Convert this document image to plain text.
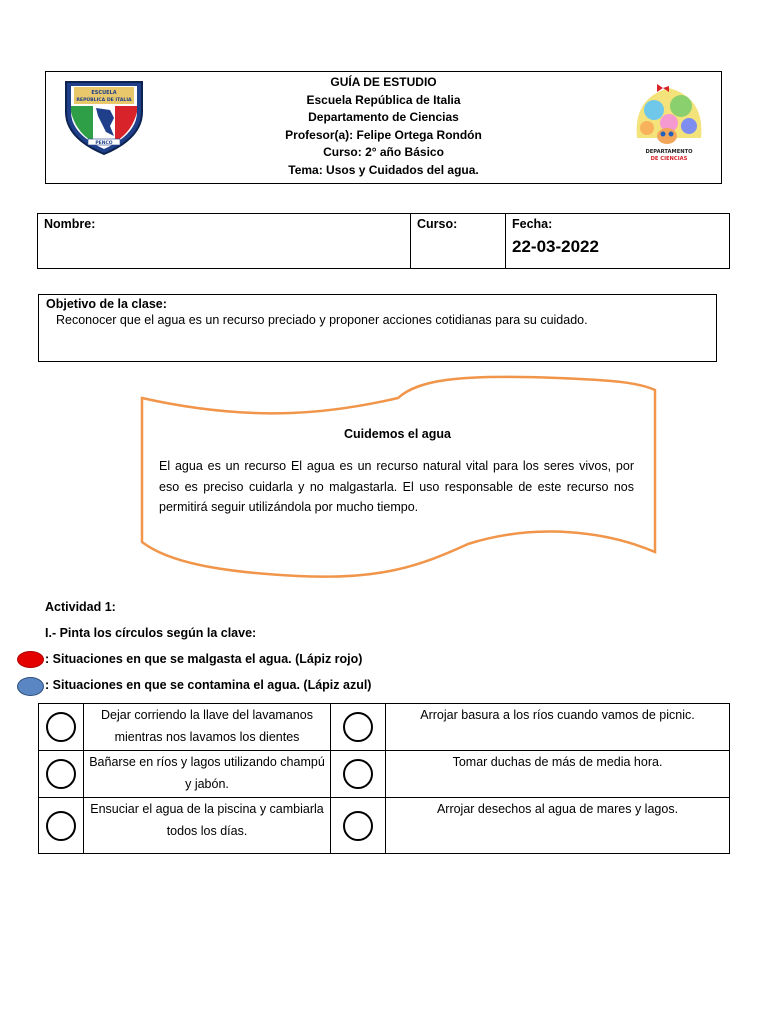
GUÍA DE ESTUDIO
Escuela República de Italia
Departamento de Ciencias
Profesor(a): Felipe Ortega Rondón
Curso: 2° año Básico
Tema: Usos y Cuidados del agua.
ESCUELA
REPÚBLICA DE ITALIA
PENCO
DEPARTAMENTO
DE CIENCIAS
Nombre:	Curso:	Fecha:
22-03-2022
Objetivo de la clase:
Reconocer que el agua es un recurso preciado y proponer acciones cotidianas para su cuidado.
Cuidemos el agua
El agua es un recurso El agua es un recurso natural vital para los seres vivos, por eso es preciso cuidarla y no malgastarla. El uso responsable de este recurso nos permitirá seguir utilizándola por mucho tiempo.
Actividad 1:
I.- Pinta los círculos según la clave:
: Situaciones en que se malgasta el agua. (Lápiz rojo)
: Situaciones en que se contamina el agua. (Lápiz azul)
	Dejar corriendo la llave del lavamanos mientras nos lavamos los dientes		Arrojar basura a los ríos cuando vamos de picnic.
	Bañarse en ríos y lagos utilizando champú y jabón.		Tomar duchas de más de media hora.
	Ensuciar el agua de la piscina y cambiarla todos los días.		Arrojar desechos al agua de mares y lagos.
